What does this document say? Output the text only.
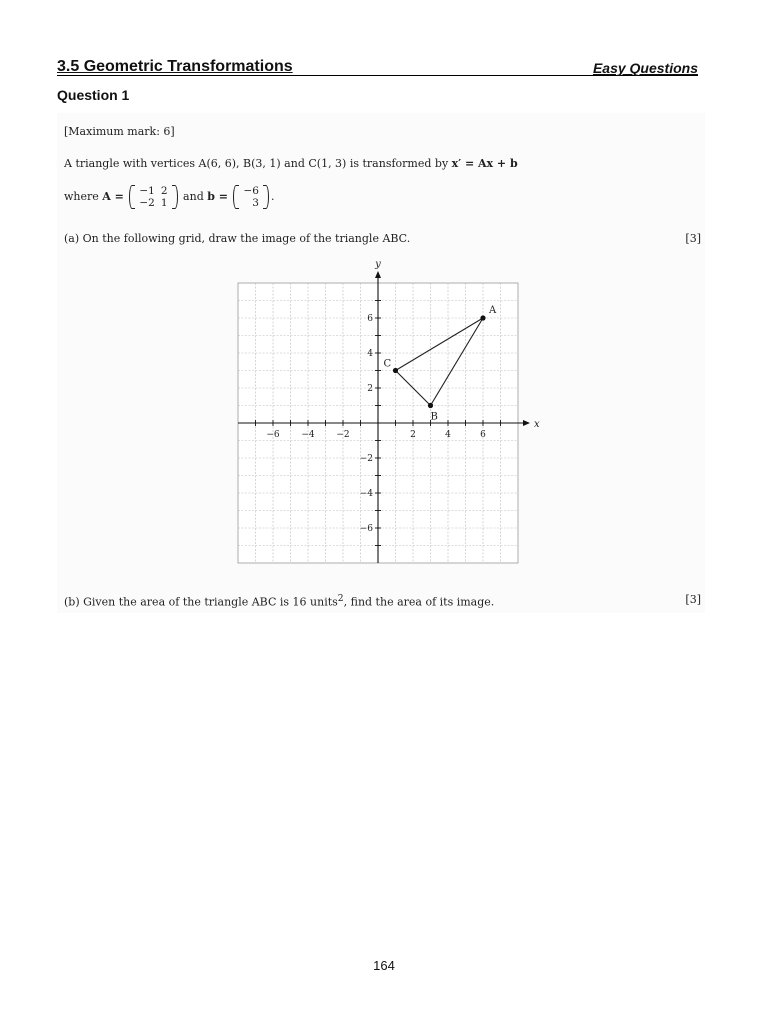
3.5 Geometric Transformations	Easy Questions
Question 1
[Maximum mark: 6]
A triangle with vertices A(6, 6), B(3, 1) and C(1, 3) is transformed by x′ = Ax + b
where A = −1	2
−2	1 and b = −6
3 .
(a) On the following grid, draw the image of the triangle ABC.	[3]
−6 −4 −2	2	4	6
6
4
2
−2
−4
−6
x
y
A
B
C
(b) Given the area of the triangle ABC is 16 units$^2$, find the area of its image.	[3]
164
